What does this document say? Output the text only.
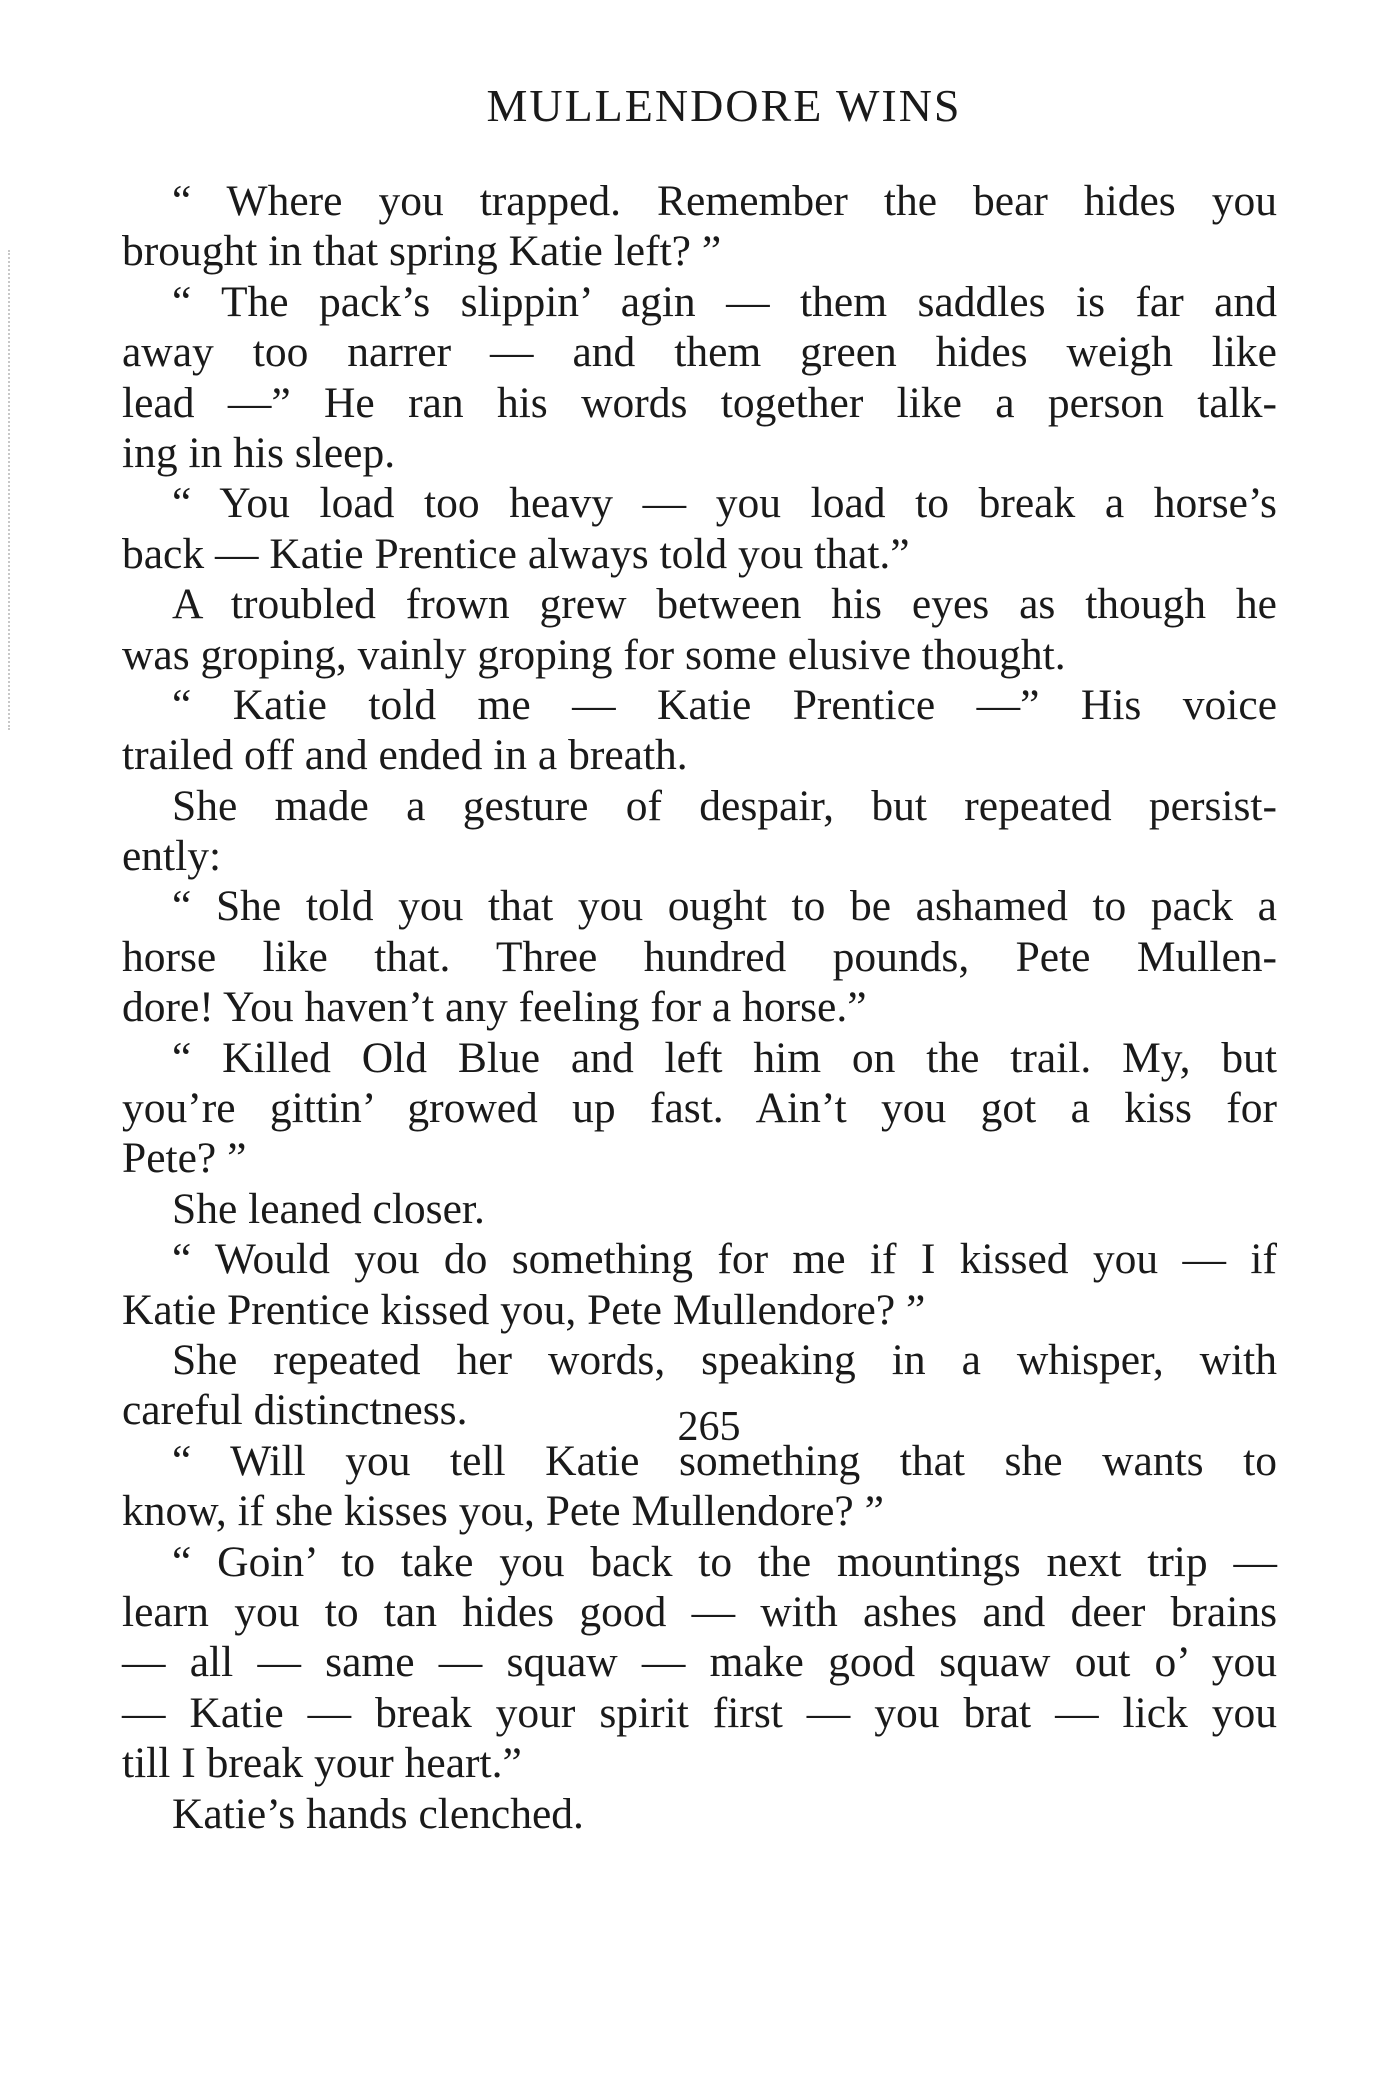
MULLENDORE WINS
“ Where you trapped. Remember the bear hides you
brought in that spring Katie left? ”
“ The pack’s slippin’ agin — them saddles is far and
away too narrer — and them green hides weigh like
lead —” He ran his words together like a person talk-
ing in his sleep.
“ You load too heavy — you load to break a horse’s
back — Katie Prentice always told you that.”
A troubled frown grew between his eyes as though he
was groping, vainly groping for some elusive thought.
“ Katie told me — Katie Prentice —” His voice
trailed off and ended in a breath.
She made a gesture of despair, but repeated persist-
ently:
“ She told you that you ought to be ashamed to pack a
horse like that. Three hundred pounds, Pete Mullen-
dore! You haven’t any feeling for a horse.”
“ Killed Old Blue and left him on the trail. My, but
you’re gittin’ growed up fast. Ain’t you got a kiss for
Pete? ”
She leaned closer.
“ Would you do something for me if I kissed you — if
Katie Prentice kissed you, Pete Mullendore? ”
She repeated her words, speaking in a whisper, with
careful distinctness.
“ Will you tell Katie something that she wants to
know, if she kisses you, Pete Mullendore? ”
“ Goin’ to take you back to the mountings next trip —
learn you to tan hides good — with ashes and deer brains
— all — same — squaw — make good squaw out o’ you
— Katie — break your spirit first — you brat — lick you
till I break your heart.”
Katie’s hands clenched.
265
